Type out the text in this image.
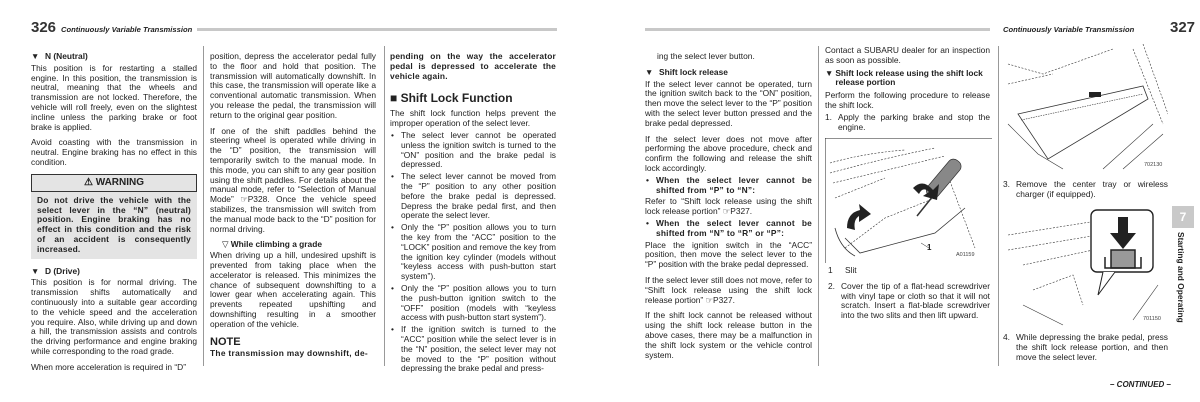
326 Continuously Variable Transmission
▼ N (Neutral)

This position is for restarting a stalled engine. In this position, the transmission is neutral, meaning that the wheels and transmission are not locked. Therefore, the vehicle will roll freely, even on the slightest incline unless the parking brake or foot brake is applied.

Avoid coasting with the transmission in neutral. Engine braking has no effect in this condition.

⚠ WARNING
Do not drive the vehicle with the select lever in the “N” (neutral) position. Engine braking has no effect in this condition and the risk of an accident is consequently increased.
▼ D (Drive)

This position is for normal driving. The transmission shifts automatically and continuously into a suitable gear according to the vehicle speed and the acceleration you require. Also, while driving up and down a hill, the transmission assists and controls the driving performance and engine braking while corresponding to the road grade.

When more acceleration is required in “D”

position, depress the accelerator pedal fully to the floor and hold that position. The transmission will automatically downshift. In this case, the transmission will operate like a conventional automatic transmission. When you release the pedal, the transmission will return to the original gear position.

If one of the shift paddles behind the steering wheel is operated while driving in the “D” position, the transmission will temporarily switch to the manual mode. In this mode, you can shift to any gear position using the shift paddles. For details about the manual mode, refer to “Selection of Manual Mode” ☞P328. Once the vehicle speed stabilizes, the transmission will switch from the manual mode back to the “D” position for normal driving.

▽ While climbing a grade

When driving up a hill, undesired upshift is prevented from taking place when the accelerator is released. This minimizes the chance of subsequent downshifting to a lower gear when accelerating again. This prevents repeated upshifting and downshifting resulting in a smoother operation of the vehicle.

NOTE
The transmission may downshift, de-

pending on the way the accelerator pedal is depressed to accelerate the vehicle again.

■ Shift Lock Function

The shift lock function helps prevent the improper operation of the select lever.

• The select lever cannot be operated unless the ignition switch is turned to the “ON” position and the brake pedal is depressed.
• The select lever cannot be moved from the “P” position to any other position before the brake pedal is depressed. Depress the brake pedal first, and then operate the select lever.
• Only the “P” position allows you to turn the key from the “ACC” position to the “LOCK” position and remove the key from the ignition key cylinder (models without “keyless access with push-button start system”).
• Only the “P” position allows you to turn the push-button ignition switch to the “OFF” position (models with “keyless access with push-button start system”).
• If the ignition switch is turned to the “ACC” position while the select lever is in the “N” position, the select lever may not be moved to the “P” position without depressing the brake pedal and press-
Continuously Variable Transmission 327

ing the select lever button.

▼ Shift lock release

If the select lever cannot be operated, turn the ignition switch back to the “ON” position, then move the select lever to the “P” position with the select lever button pressed and the brake pedal depressed.

If the select lever does not move after performing the above procedure, check and confirm the following and release the shift lock accordingly.

• When the select lever cannot be shifted from “P” to “N”:

Refer to “Shift lock release using the shift lock release portion” ☞P327.

• When the select lever cannot be shifted from “N” to “R” or “P”:

Place the ignition switch in the “ACC” position, then move the select lever to the “P” position with the brake pedal depressed.

If the select lever still does not move, refer to “Shift lock release using the shift lock release portion” ☞P327.

If the shift lock cannot be released without using the shift lock release button in the above cases, there may be a malfunction in the shift lock system or the vehicle control system.

Contact a SUBARU dealer for an inspection as soon as possible.

▼ Shift lock release using the shift lock release portion

Perform the following procedure to release the shift lock.

1. Apply the parking brake and stop the engine.
1
A01159
1 Slit
2. Cover the tip of a flat-head screwdriver with vinyl tape or cloth so that it will not scratch. Insert a flat-blade screwdriver into the two slits and then lift upward.
702130
3. Remove the center tray or wireless charger (if equipped).
701150
4. While depressing the brake pedal, press the shift lock release portion, and then move the select lever.
7
Starting and Operating
– CONTINUED –
